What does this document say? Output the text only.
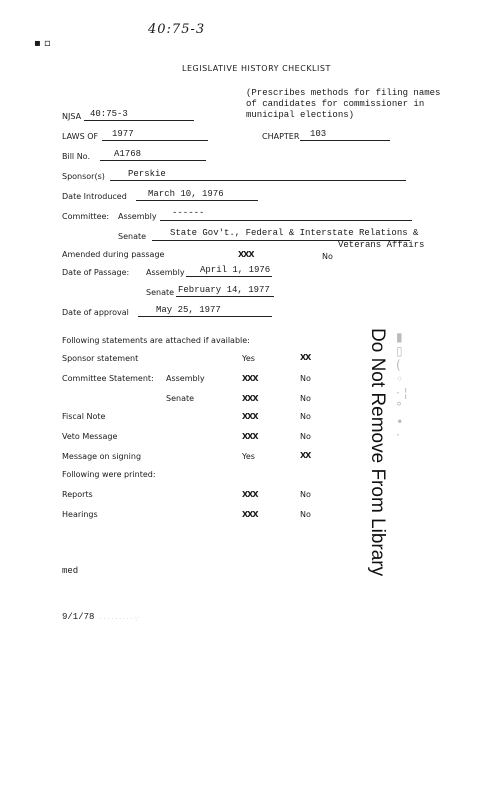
40:75-3
▪ ▫
LEGISLATIVE HISTORY CHECKLIST
(Prescribes methods for filing names of candidates for commissioner in municipal elections)
NJSA 40:75-3
LAWS OF 1977	CHAPTER 103
Bill No.	A1768
Sponsor(s)	Perskie
Date Introduced March 10, 1976
Committee: Assembly ------
Senate	State Gov't., Federal & Interstate Relations &
Veterans Affairs
Amended during passage	XXX	No
Date of Passage: Assembly April 1, 1976
Senate February 14, 1977
Date of approval	May 25, 1977
Following statements are attached if available:
Sponsor statement	Yes	XX
Committee Statement: Assembly	XXX	No
Senate	XXX	No
Fiscal Note	XXX	No
Veto Message	XXX	No
Message on signing	Yes	XX
Following were printed:
Reports	XXX	No
Hearings	XXX	No	Do Not Remove From Library ▮ ▯ ( ◦ · ¦ ° ∙ ·
med
9/1/78 · · · · · · · · · ∵
